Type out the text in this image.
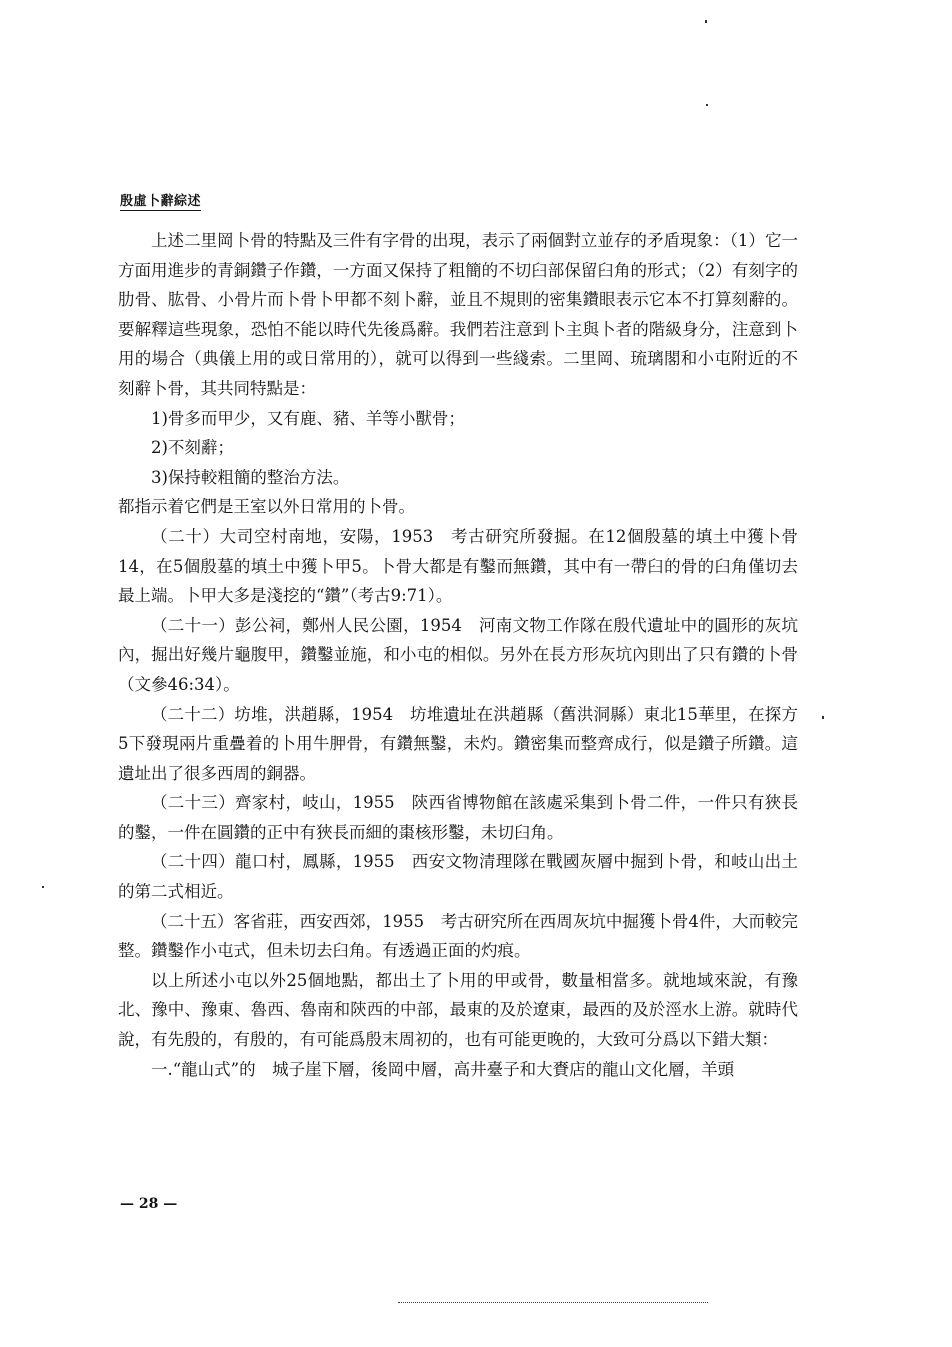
殷虛卜辭綜述

上述二里岡卜骨的特點及三件有字骨的出現，表示了兩個對立並存的矛盾現象：（1）它一方面用進步的青銅鑽子作鑽，一方面又保持了粗簡的不切臼部保留臼角的形式；（2）有刻字的肋骨、肱骨、小骨片而卜骨卜甲都不刻卜辭，並且不規則的密集鑽眼表示它本不打算刻辭的。要解釋這些現象，恐怕不能以時代先後爲辭。我們若注意到卜主與卜者的階級身分，注意到卜用的場合（典儀上用的或日常用的），就可以得到一些綫索。二里岡、琉璃閣和小屯附近的不刻辭卜骨，其共同特點是：

1)骨多而甲少，又有鹿、豬、羊等小獸骨；

2)不刻辭；

3)保持較粗簡的整治方法。

都指示着它們是王室以外日常用的卜骨。

（二十）大司空村南地，安陽，1953　考古研究所發掘。在12個殷墓的填土中獲卜骨14，在5個殷墓的填土中獲卜甲5。卜骨大都是有鑿而無鑽，其中有一帶臼的骨的臼角僅切去最上端。卜甲大多是淺挖的“鑽”（考古9:71）。

（二十一）彭公祠，鄭州人民公園，1954　河南文物工作隊在殷代遺址中的圓形的灰坑內，掘出好幾片龜腹甲，鑽鑿並施，和小屯的相似。另外在長方形灰坑內則出了只有鑽的卜骨（文參46:34）。

（二十二）坊堆，洪趙縣，1954　坊堆遺址在洪趙縣（舊洪洞縣）東北15華里，在探方5下發現兩片重疊着的卜用牛胛骨，有鑽無鑿，未灼。鑽密集而整齊成行，似是鑽子所鑽。這遺址出了很多西周的銅器。

（二十三）齊家村，岐山，1955　陝西省博物館在該處采集到卜骨二件，一件只有狹長的鑿，一件在圓鑽的正中有狹長而細的棗核形鑿，未切臼角。

（二十四）龍口村，鳳縣，1955　西安文物清理隊在戰國灰層中掘到卜骨，和岐山出土的第二式相近。

（二十五）客省莊，西安西郊，1955　考古研究所在西周灰坑中掘獲卜骨4件，大而較完整。鑽鑿作小屯式，但未切去臼角。有透過正面的灼痕。

以上所述小屯以外25個地點，都出土了卜用的甲或骨，數量相當多。就地域來說，有豫北、豫中、豫東、魯西、魯南和陝西的中部，最東的及於遼東，最西的及於涇水上游。就時代說，有先殷的，有殷的，有可能爲殷末周初的，也有可能更晚的，大致可分爲以下錯大類：

一.“龍山式”的　城子崖下層，後岡中層，高井臺子和大賚店的龍山文化層，羊頭

— 28 —
